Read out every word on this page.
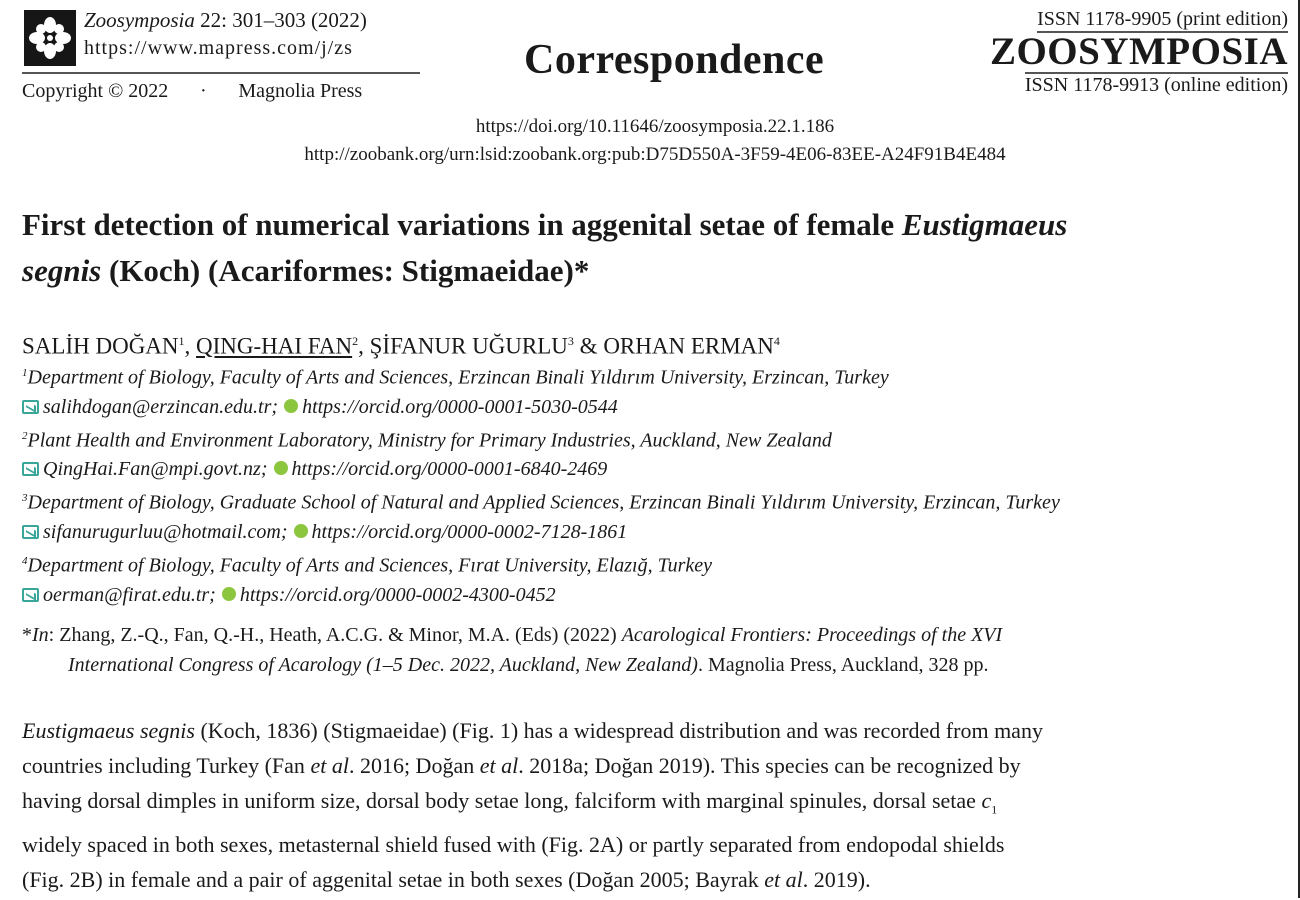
Zoosymposia 22: 301–303 (2022)
https://www.mapress.com/j/zs
Copyright © 2022 · Magnolia Press
Correspondence
ISSN 1178-9905 (print edition)
ZOOSYMPOSIA
ISSN 1178-9913 (online edition)
https://doi.org/10.11646/zoosymposia.22.1.186
http://zoobank.org/urn:lsid:zoobank.org:pub:D75D550A-3F59-4E06-83EE-A24F91B4E484
First detection of numerical variations in aggenital setae of female Eustigmaeus
segnis (Koch) (Acariformes: Stigmaeidae)*
SALİH DOĞAN$^1$, QING-HAI FAN$^2$, ŞİFANUR UĞURLU$^3$ & ORHAN ERMAN$^4$
$^1$Department of Biology, Faculty of Arts and Sciences, Erzincan Binali Yıldırım University, Erzincan, Turkey
salihdogan@erzincan.edu.tr; https://orcid.org/0000-0001-5030-0544
$^2$Plant Health and Environment Laboratory, Ministry for Primary Industries, Auckland, New Zealand
QingHai.Fan@mpi.govt.nz; https://orcid.org/0000-0001-6840-2469
$^3$Department of Biology, Graduate School of Natural and Applied Sciences, Erzincan Binali Yıldırım University, Erzincan, Turkey
sifanurugurluu@hotmail.com; https://orcid.org/0000-0002-7128-1861
$^4$Department of Biology, Faculty of Arts and Sciences, Fırat University, Elazığ, Turkey
oerman@firat.edu.tr; https://orcid.org/0000-0002-4300-0452
*In: Zhang, Z.-Q., Fan, Q.-H., Heath, A.C.G. & Minor, M.A. (Eds) (2022) Acarological Frontiers: Proceedings of the XVI
International Congress of Acarology (1–5 Dec. 2022, Auckland, New Zealand). Magnolia Press, Auckland, 328 pp.
Eustigmaeus segnis (Koch, 1836) (Stigmaeidae) (Fig. 1) has a widespread distribution and was recorded from many
countries including Turkey (Fan et al. 2016; Doğan et al. 2018a; Doğan 2019). This species can be recognized by
having dorsal dimples in uniform size, dorsal body setae long, falciform with marginal spinules, dorsal setae $c_1$
widely spaced in both sexes, metasternal shield fused with (Fig. 2A) or partly separated from endopodal shields
(Fig. 2B) in female and a pair of aggenital setae in both sexes (Doğan 2005; Bayrak et al. 2019).
